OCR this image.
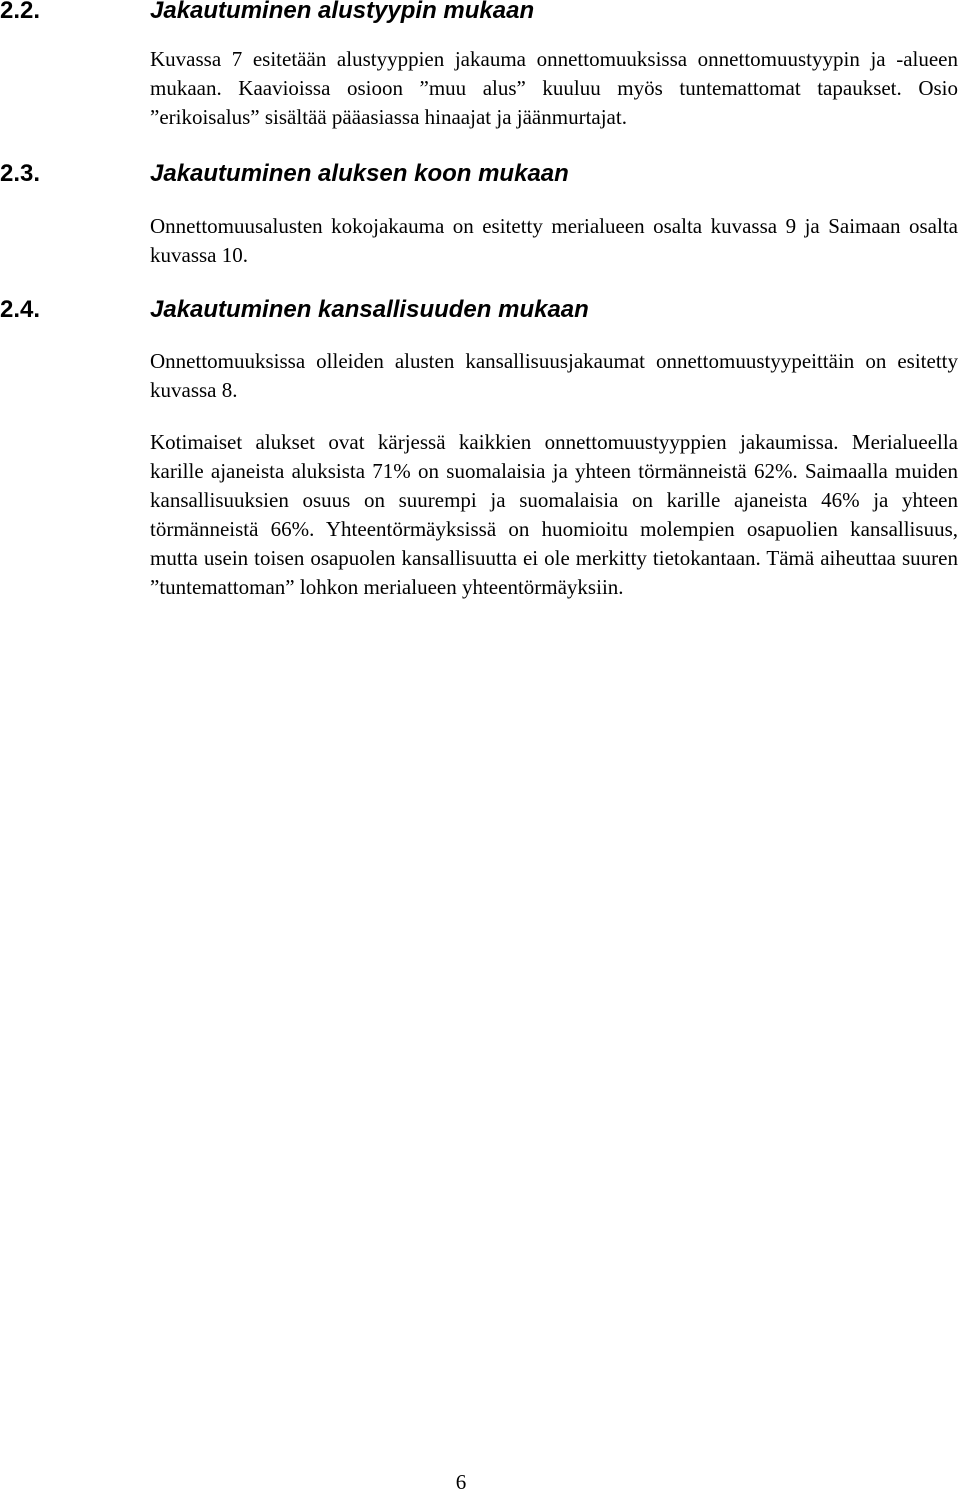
2.2.	Jakautuminen alustyypin mukaan

Kuvassa 7 esitetään alustyyppien jakauma onnettomuuksissa onnettomuustyypin ja -alueen mukaan. Kaavioissa osioon ”muu alus” kuuluu myös tuntemattomat tapaukset. Osio ”erikoisalus” sisältää pääasiassa hinaajat ja jäänmurtajat.

2.3.	Jakautuminen aluksen koon mukaan

Onnettomuusalusten kokojakauma on esitetty merialueen osalta kuvassa 9 ja Saimaan osalta kuvassa 10.

2.4.	Jakautuminen kansallisuuden mukaan

Onnettomuuksissa olleiden alusten kansallisuusjakaumat onnettomuustyypeittäin on esitetty kuvassa 8.

Kotimaiset alukset ovat kärjessä kaikkien onnettomuustyyppien jakaumissa. Merialueella karille ajaneista aluksista 71% on suomalaisia ja yhteen törmänneistä 62%. Saimaalla muiden kansallisuuksien osuus on suurempi ja suomalaisia on karille ajaneista 46% ja yhteen törmänneistä 66%. Yhteentörmäyksissä on huomioitu molempien osapuolien kansallisuus, mutta usein toisen osapuolen kansallisuutta ei ole merkitty tietokantaan. Tämä aiheuttaa suuren ”tuntemattoman” lohkon merialueen yhteentörmäyksiin.

6
